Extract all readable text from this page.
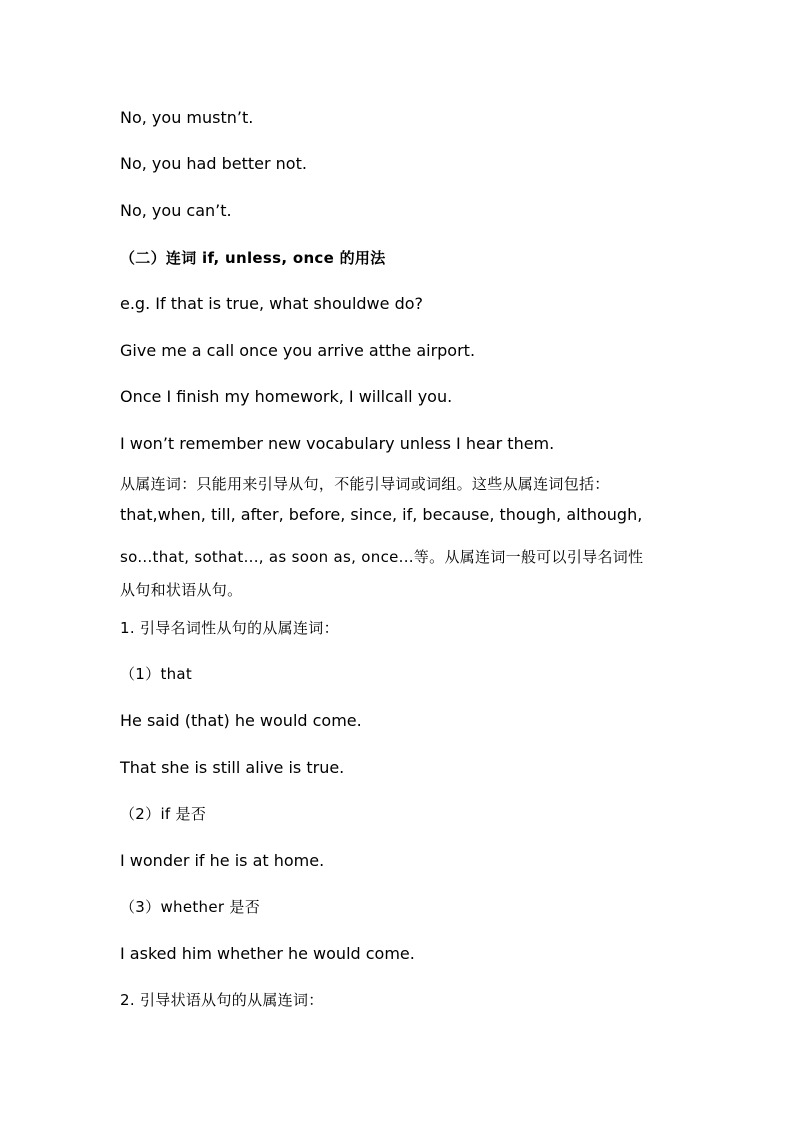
No, you mustn’t.
No, you had better not.
No, you can’t.
（二）连词 if, unless, once 的用法
e.g. If that is true, what shouldwe do?
Give me a call once you arrive atthe airport.
Once I finish my homework, I willcall you.
I won’t remember new vocabulary unless I hear them.
从属连词：只能用来引导从句，不能引导词或词组。这些从属连词包括：
that,when, till, after, before, since, if, because, though, although,
so...that, sothat..., as soon as, once...等。从属连词一般可以引导名词性
从句和状语从句。
1. 引导名词性从句的从属连词：
（1）that
He said (that) he would come.
That she is still alive is true.
（2）if 是否
I wonder if he is at home.
（3）whether 是否
I asked him whether he would come.
2. 引导状语从句的从属连词：
